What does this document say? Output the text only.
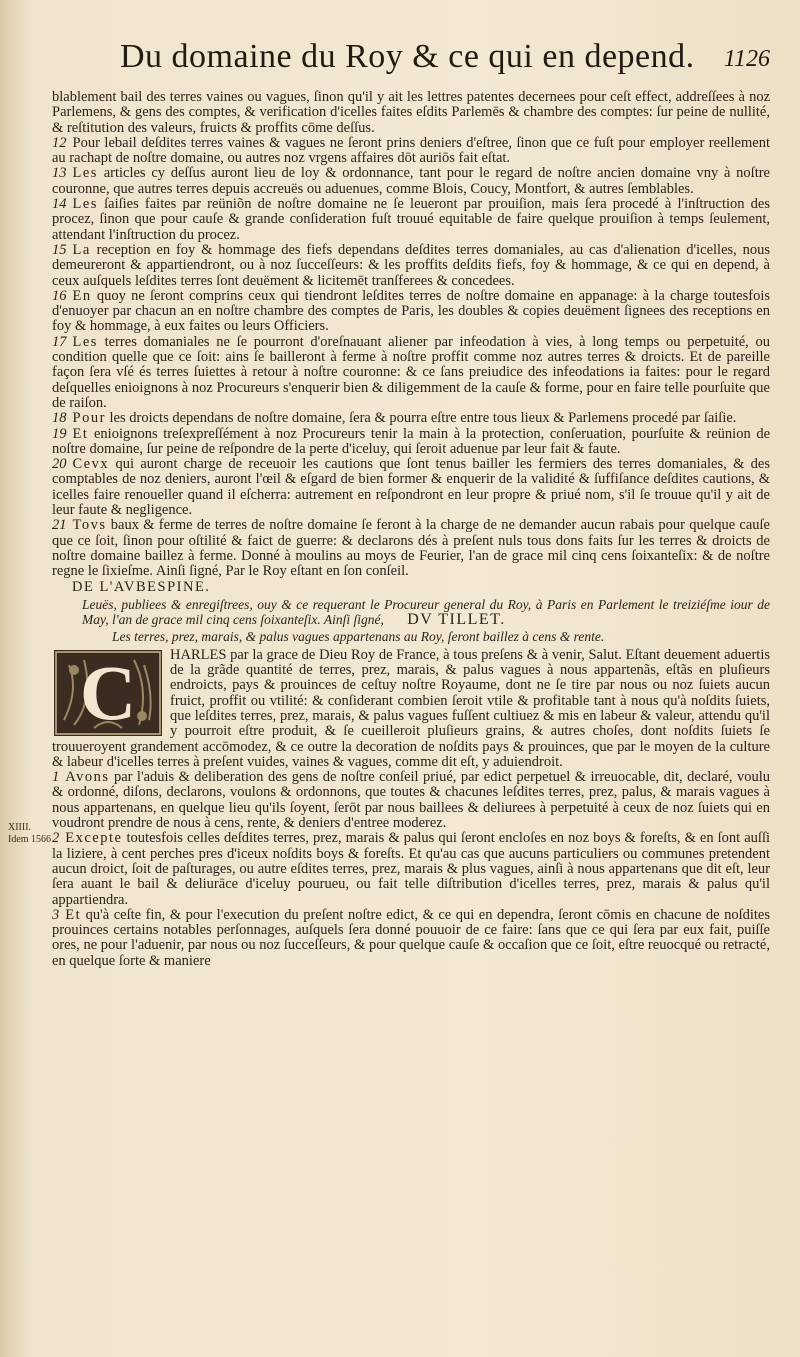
Du domaine du Roy & ce qui en depend. 1126
XIIII.
Idem 1566

blablement bail des terres vaines ou vagues, ſinon qu'il y ait les lettres patentes decernees pour ceſt effect, addreſſees à noz Parlemens, & gens des comptes, & verification d'icelles faites eſdits Parlemēs & chambre des comptes: ſur peine de nullité, & reſtitution des valeurs, fruicts & proffits cōme deſſus.

12 Pour lebail deſdites terres vaines & vagues ne ſeront prins deniers d'eſtree, ſinon que ce fuſt pour employer reellement au rachapt de noſtre domaine, ou autres noz vrgens affaires dōt auriōs fait eſtat.

13 Les articles cy deſſus auront lieu de loy & ordonnance, tant pour le regard de noſtre ancien domaine vny à noſtre couronne, que autres terres depuis accreuës ou aduenues, comme Blois, Coucy, Montfort, & autres ſemblables.

14 Les ſaiſies faites par reüniõn de noſtre domaine ne ſe leueront par prouiſion, mais ſera procedé à l'inſtruction des procez, ſinon que pour cauſe & grande conſideration fuſt trouué equitable de faire quelque prouiſion à temps ſeulement, attendant l'inſtruction du procez.

15 La reception en foy & hommage des fiefs dependans deſdites terres domaniales, au cas d'alienation d'icelles, nous demeureront & appartiendront, ou à noz ſucceſſeurs: & les proffits deſdits fiefs, foy & hommage, & ce qui en depend, à ceux auſquels leſdites terres ſont deuëment & licitemēt tranſferees & concedees.

16 En quoy ne ſeront comprins ceux qui tiendront leſdites terres de noſtre domaine en appanage: à la charge toutesfois d'enuoyer par chacun an en noſtre chambre des comptes de Paris, les doubles & copies deuëment ſignees des receptions en foy & hommage, à eux faites ou leurs Officiers.

17 Les terres domaniales ne ſe pourront d'oreſnauant aliener par infeodation à vies, à long temps ou perpetuité, ou condition quelle que ce ſoit: ains ſe bailleront à ferme à noſtre proffit comme noz autres terres & droicts. Et de pareille façon ſera vſé és terres ſuiettes à retour à noſtre couronne: & ce ſans preiudice des infeodations ia faites: pour le regard deſquelles enioignons à noz Procureurs s'enquerir bien & diligemment de la cauſe & forme, pour en faire telle pourſuite que de raiſon.

18 Pour les droicts dependans de noſtre domaine, ſera & pourra eſtre entre tous lieux & Parlemens procedé par ſaiſie.

19 Et enioignons treſexpreſſément à noz Procureurs tenir la main à la protection, conſeruation, pourſuite & reünion de noſtre domaine, ſur peine de reſpondre de la perte d'iceluy, qui ſeroit aduenue par leur fait & faute.

20 Cevx qui auront charge de receuoir les cautions que ſont tenus bailler les fermiers des terres domaniales, & des comptables de noz deniers, auront l'œil & eſgard de bien former & enquerir de la validité & ſuffiſance deſdites cautions, & icelles faire renoueller quand il eſcherra: autrement en reſpondront en leur propre & priué nom, s'il ſe trouue qu'il y ait de leur faute & negligence.

21 Tovs baux & ferme de terres de noſtre domaine ſe feront à la charge de ne demander aucun rabais pour quelque cauſe que ce ſoit, ſinon pour oſtilité & faict de guerre: & declarons dés à preſent nuls tous dons faits ſur les terres & droicts de noſtre domaine baillez à ferme. Donné à moulins au moys de Feurier, l'an de grace mil cinq cens ſoixanteſix: & de noſtre regne le ſixieſme. Ainſi ſigné, Par le Roy eſtant en ſon conſeil.

DE L'AVBESPINE.

Leuës, publiees & enregiſtrees, ouy & ce requerant le Procureur general du Roy, à Paris en Parlement le treiziéſme iour de May, l'an de grace mil cinq cens ſoixanteſix. Ainſi ſigné, DV TILLET.

Les terres, prez, marais, & palus vagues appartenans au Roy, ſeront baillez à cens & rente.

C	HARLES par la grace de Dieu Roy de France, à tous preſens & à venir, Salut. Eſtant deuement aduertis de la grãde quantité de terres, prez, marais, & palus vagues à nous appartenãs, eſtãs en pluſieurs endroicts, pays & prouinces de ceſtuy noſtre Royaume, dont ne ſe tire par nous ou noz ſuiets aucun fruict, proffit ou vtilité: & conſiderant combien ſeroit vtile & profitable tant à nous qu'à noſdits ſuiets, que leſdites terres, prez, marais, & palus vagues fuſſent cultiuez & mis en labeur & valeur, attendu qu'il y pourroit eſtre produit, & ſe cueilleroit pluſieurs grains, & autres choſes, dont noſdits ſuiets ſe trouueroyent grandement accōmodez, & ce outre la decoration de noſdits pays & prouinces, que par le moyen de la culture & labeur d'icelles terres à preſent vuides, vaines & vagues, comme dit eſt, y aduiendroit.

1 Avons par l'aduis & deliberation des gens de noſtre conſeil priué, par edict perpetuel & irreuocable, dit, declaré, voulu & ordonné, diſons, declarons, voulons & ordonnons, que toutes & chacunes leſdites terres, prez, palus, & marais vagues à nous appartenans, en quelque lieu qu'ils ſoyent, ſerōt par nous baillees & deliurees à perpetuité à ceux de noz ſuiets qui en voudront prendre de nous à cens, rente, & deniers d'entree moderez.

2 Excepte toutesfois celles deſdites terres, prez, marais & palus qui ſeront encloſes en noz boys & foreſts, & en ſont auſſi la liziere, à cent perches pres d'iceux noſdits boys & foreſts. Et qu'au cas que aucuns particuliers ou communes pretendent aucun droict, ſoit de paſturages, ou autre eſdites terres, prez, marais & plus vagues, ainſi à nous appartenans que dit eſt, leur ſera auant le bail & deliurāce d'iceluy pourueu, ou fait telle diſtribution d'icelles terres, prez, marais & palus qu'il appartiendra.

3 Et qu'à ceſte fin, & pour l'execution du preſent noſtre edict, & ce qui en dependra, ſeront cōmis en chacune de noſdites prouinces certains notables perſonnages, auſquels ſera donné pouuoir de ce faire: ſans que ce qui ſera par eux fait, puiſſe ores, ne pour l'aduenir, par nous ou noz ſucceſſeurs, & pour quelque cauſe & occaſion que ce ſoit, eſtre reuocqué ou retracté, en quelque ſorte & maniere
